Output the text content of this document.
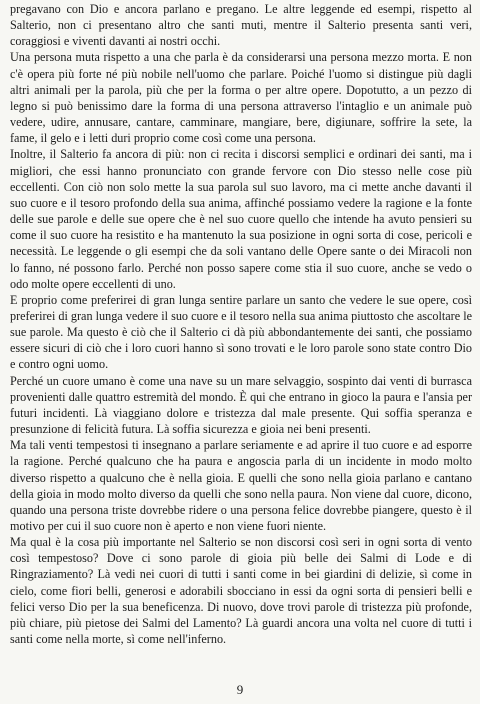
pregavano con Dio e ancora parlano e pregano. Le altre leggende ed esempi, rispetto al Salterio, non ci presentano altro che santi muti, mentre il Salterio presenta santi veri, coraggiosi e viventi davanti ai nostri occhi.

Una persona muta rispetto a una che parla è da considerarsi una persona mezzo morta. E non c'è opera più forte né più nobile nell'uomo che parlare. Poiché l'uomo si distingue più dagli altri animali per la parola, più che per la forma o per altre opere. Dopotutto, a un pezzo di legno si può benissimo dare la forma di una persona attraverso l'intaglio e un animale può vedere, udire, annusare, cantare, camminare, mangiare, bere, digiunare, soffrire la sete, la fame, il gelo e i letti duri proprio come così come una persona.

Inoltre, il Salterio fa ancora di più: non ci recita i discorsi semplici e ordinari dei santi, ma i migliori, che essi hanno pronunciato con grande fervore con Dio stesso nelle cose più eccellenti. Con ciò non solo mette la sua parola sul suo lavoro, ma ci mette anche davanti il suo cuore e il tesoro profondo della sua anima, affinché possiamo vedere la ragione e la fonte delle sue parole e delle sue opere che è nel suo cuore quello che intende ha avuto pensieri su come il suo cuore ha resistito e ha mantenuto la sua posizione in ogni sorta di cose, pericoli e necessità. Le leggende o gli esempi che da soli vantano delle Opere sante o dei Miracoli non lo fanno, né possono farlo. Perché non posso sapere come stia il suo cuore, anche se vedo o odo molte opere eccellenti di uno.

E proprio come preferirei di gran lunga sentire parlare un santo che vedere le sue opere, così preferirei di gran lunga vedere il suo cuore e il tesoro nella sua anima piuttosto che ascoltare le sue parole. Ma questo è ciò che il Salterio ci dà più abbondantemente dei santi, che possiamo essere sicuri di ciò che i loro cuori hanno sì sono trovati e le loro parole sono state contro Dio e contro ogni uomo.

Perché un cuore umano è come una nave su un mare selvaggio, sospinto dai venti di burrasca provenienti dalle quattro estremità del mondo. È qui che entrano in gioco la paura e l'ansia per futuri incidenti. Là viaggiano dolore e tristezza dal male presente. Qui soffia speranza e presunzione di felicità futura. Là soffia sicurezza e gioia nei beni presenti.

Ma tali venti tempestosi ti insegnano a parlare seriamente e ad aprire il tuo cuore e ad esporre la ragione. Perché qualcuno che ha paura e angoscia parla di un incidente in modo molto diverso rispetto a qualcuno che è nella gioia. E quelli che sono nella gioia parlano e cantano della gioia in modo molto diverso da quelli che sono nella paura. Non viene dal cuore, dicono, quando una persona triste dovrebbe ridere o una persona felice dovrebbe piangere, questo è il motivo per cui il suo cuore non è aperto e non viene fuori niente.

Ma qual è la cosa più importante nel Salterio se non discorsi così seri in ogni sorta di vento così tempestoso? Dove ci sono parole di gioia più belle dei Salmi di Lode e di Ringraziamento? Là vedi nei cuori di tutti i santi come in bei giardini di delizie, sì come in cielo, come fiori belli, generosi e adorabili sbocciano in essi da ogni sorta di pensieri belli e felici verso Dio per la sua beneficenza. Di nuovo, dove trovi parole di tristezza più profonde, più chiare, più pietose dei Salmi del Lamento? Là guardi ancora una volta nel cuore di tutti i santi come nella morte, sì come nell'inferno.

9
